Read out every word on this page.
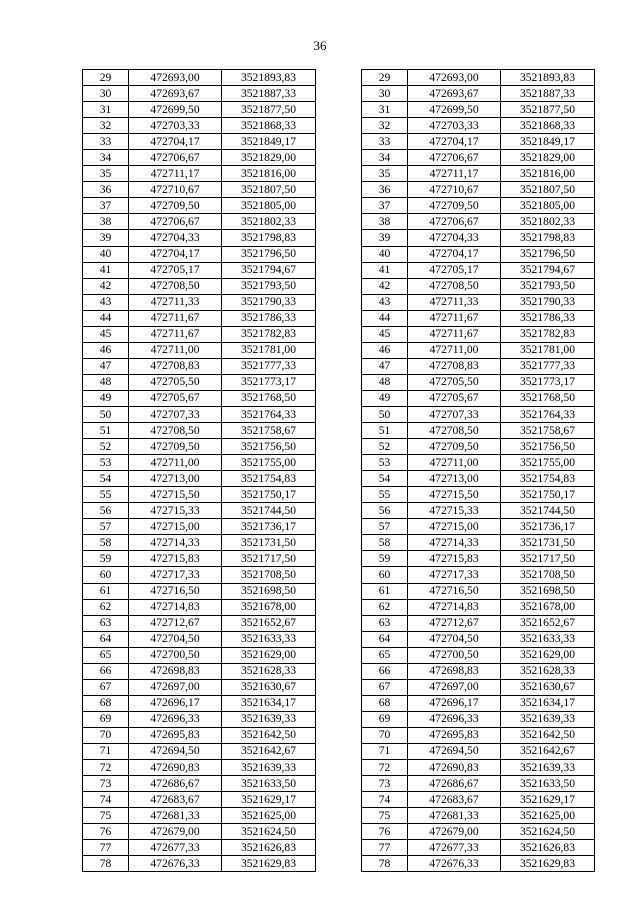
36
29	472693,00	3521893,83		29	472693,00	3521893,83
30	472693,67	3521887,33		30	472693,67	3521887,33
31	472699,50	3521877,50		31	472699,50	3521877,50
32	472703,33	3521868,33		32	472703,33	3521868,33
33	472704,17	3521849,17		33	472704,17	3521849,17
34	472706,67	3521829,00		34	472706,67	3521829,00
35	472711,17	3521816,00		35	472711,17	3521816,00
36	472710,67	3521807,50		36	472710,67	3521807,50
37	472709,50	3521805,00		37	472709,50	3521805,00
38	472706,67	3521802,33		38	472706,67	3521802,33
39	472704,33	3521798,83		39	472704,33	3521798,83
40	472704,17	3521796,50		40	472704,17	3521796,50
41	472705,17	3521794,67		41	472705,17	3521794,67
42	472708,50	3521793,50		42	472708,50	3521793,50
43	472711,33	3521790,33		43	472711,33	3521790,33
44	472711,67	3521786,33		44	472711,67	3521786,33
45	472711,67	3521782,83		45	472711,67	3521782,83
46	472711,00	3521781,00		46	472711,00	3521781,00
47	472708,83	3521777,33		47	472708,83	3521777,33
48	472705,50	3521773,17		48	472705,50	3521773,17
49	472705,67	3521768,50		49	472705,67	3521768,50
50	472707,33	3521764,33		50	472707,33	3521764,33
51	472708,50	3521758,67		51	472708,50	3521758,67
52	472709,50	3521756,50		52	472709,50	3521756,50
53	472711,00	3521755,00		53	472711,00	3521755,00
54	472713,00	3521754,83		54	472713,00	3521754,83
55	472715,50	3521750,17		55	472715,50	3521750,17
56	472715,33	3521744,50		56	472715,33	3521744,50
57	472715,00	3521736,17		57	472715,00	3521736,17
58	472714,33	3521731,50		58	472714,33	3521731,50
59	472715,83	3521717,50		59	472715,83	3521717,50
60	472717,33	3521708,50		60	472717,33	3521708,50
61	472716,50	3521698,50		61	472716,50	3521698,50
62	472714,83	3521678,00		62	472714,83	3521678,00
63	472712,67	3521652,67		63	472712,67	3521652,67
64	472704,50	3521633,33		64	472704,50	3521633,33
65	472700,50	3521629,00		65	472700,50	3521629,00
66	472698,83	3521628,33		66	472698,83	3521628,33
67	472697,00	3521630,67		67	472697,00	3521630,67
68	472696,17	3521634,17		68	472696,17	3521634,17
69	472696,33	3521639,33		69	472696,33	3521639,33
70	472695,83	3521642,50		70	472695,83	3521642,50
71	472694,50	3521642,67		71	472694,50	3521642,67
72	472690,83	3521639,33		72	472690,83	3521639,33
73	472686,67	3521633,50		73	472686,67	3521633,50
74	472683,67	3521629,17		74	472683,67	3521629,17
75	472681,33	3521625,00		75	472681,33	3521625,00
76	472679,00	3521624,50		76	472679,00	3521624,50
77	472677,33	3521626,83		77	472677,33	3521626,83
78	472676,33	3521629,83		78	472676,33	3521629,83
